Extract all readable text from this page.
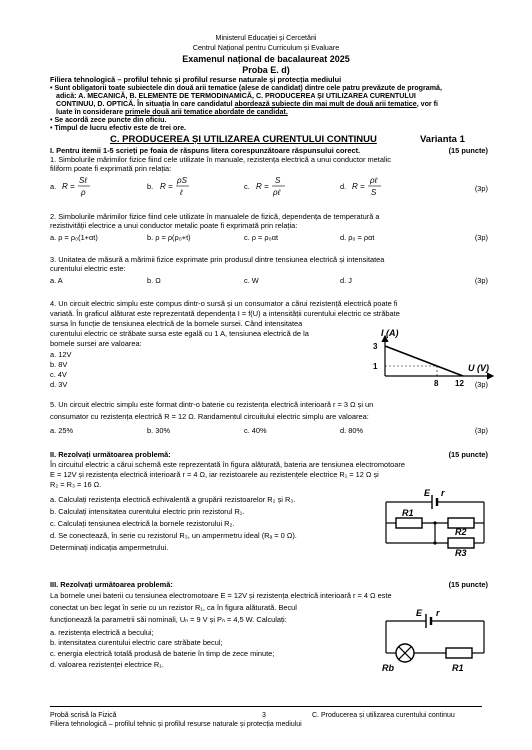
Ministerul Educației și Cercetării
Centrul Național pentru Curriculum și Evaluare
Examenul național de bacalaureat 2025
Proba E. d)
Filiera tehnologică – profilul tehnic și profilul resurse naturale și protecția mediului
• Sunt obligatorii toate subiectele din două arii tematice (alese de candidat) dintre cele patru prevăzute de programă,
adică: A. MECANICĂ, B. ELEMENTE DE TERMODINAMICĂ, C. PRODUCEREA ȘI UTILIZAREA CURENTULUI
CONTINUU, D. OPTICĂ. În situația în care candidatul abordează subiecte din mai mult de două arii tematice, vor fi
luate în considerare primele două arii tematice abordate de candidat.
• Se acordă zece puncte din oficiu.
• Timpul de lucru efectiv este de trei ore.
C. PRODUCEREA ȘI UTILIZAREA CURENTULUI CONTINUU	Varianta 1
I. Pentru itemii 1-5 scrieți pe foaia de răspuns litera corespunzătoare răspunsului corect.	(15 puncte)
1. Simbolurile mărimilor fizice fiind cele utilizate în manuale, rezistența electrică a unui conductor metalic
filiform poate fi exprimată prin relația:
a. R =
Sℓ
ρ
b. R =
ρS
ℓ
c. R =
S
ρℓ
d. R =
ρℓ
S	(3p)
2. Simbolurile mărimilor fizice fiind cele utilizate în manualele de fizică, dependența de temperatură a
rezistivității electrice a unui conductor metalic poate fi exprimată prin relația:
a. ρ = ρ₀(1+αt)	b. ρ = ρ(ρ₀+t)	c. ρ = ρ₀αt	d. ρ₀ = ραt	(3p)
3. Unitatea de măsură a mărimii fizice exprimate prin produsul dintre tensiunea electrică și intensitatea
curentului electric este:
a. A	b. Ω	c. W	d. J	(3p)
4. Un circuit electric simplu este compus dintr-o sursă și un consumator a cărui rezistență electrică poate fi
variată. În graficul alăturat este reprezentată dependența I = f(U) a intensității curentului electric ce străbate
sursa în funcție de tensiunea electrică de la bornele sursei. Când intensitatea
curentului electric ce străbate sursa este egală cu 1 A, tensiunea electrică de la
bornele sursei are valoarea:
a. 12V
b. 8V
c. 4V
d. 3V	(3p)
I (A)
U (V)
3
1
8 12
5. Un circuit electric simplu este format dintr-o baterie cu rezistența electrică interioară r = 3 Ω și un
consumator cu rezistența electrică R = 12 Ω. Randamentul circuitului electric simplu are valoarea:
a. 25%	b. 30%	c. 40%	d. 80%	(3p)
II. Rezolvați următoarea problemă:	(15 puncte)
În circuitul electric a cărui schemă este reprezentată în figura alăturată, bateria are tensiunea electromotoare
E = 12V și rezistența electrică interioară r = 4 Ω, iar rezistoarele au rezistențele electrice R₁ = 12 Ω și
R₂ = R₃ = 16 Ω.
a. Calculați rezistența electrică echivalentă a grupării rezistoarelor R₂ și R₃.
b. Calculați intensitatea curentului electric prin rezistorul R₁.
c. Calculați tensiunea electrică la bornele rezistorului R₂.
d. Se conectează, în serie cu rezistorul R₃, un ampermetru ideal (Rₐ = 0 Ω).
Determinați indicația ampermetrului.
E r
R1
R2
R3
III. Rezolvați următoarea problemă:	(15 puncte)
La bornele unei baterii cu tensiunea electromotoare E = 12V și rezistența electrică interioară r = 4 Ω este
conectat un bec legat în serie cu un rezistor R₁, ca în figura alăturată. Becul
funcționează la parametrii săi nominali, Uₙ = 9 V și Pₙ = 4,5 W. Calculați:
a. rezistența electrică a becului;
b. intensitatea curentului electric care străbate becul;
c. energia electrică totală produsă de baterie în timp de zece minute;
d. valoarea rezistenței electrice R₁.
E r
Rb	R1
Probă scrisă la Fizică	3	C. Producerea și utilizarea curentului continuu
Filiera tehnologică – profilul tehnic și profilul resurse naturale și protecția mediului
